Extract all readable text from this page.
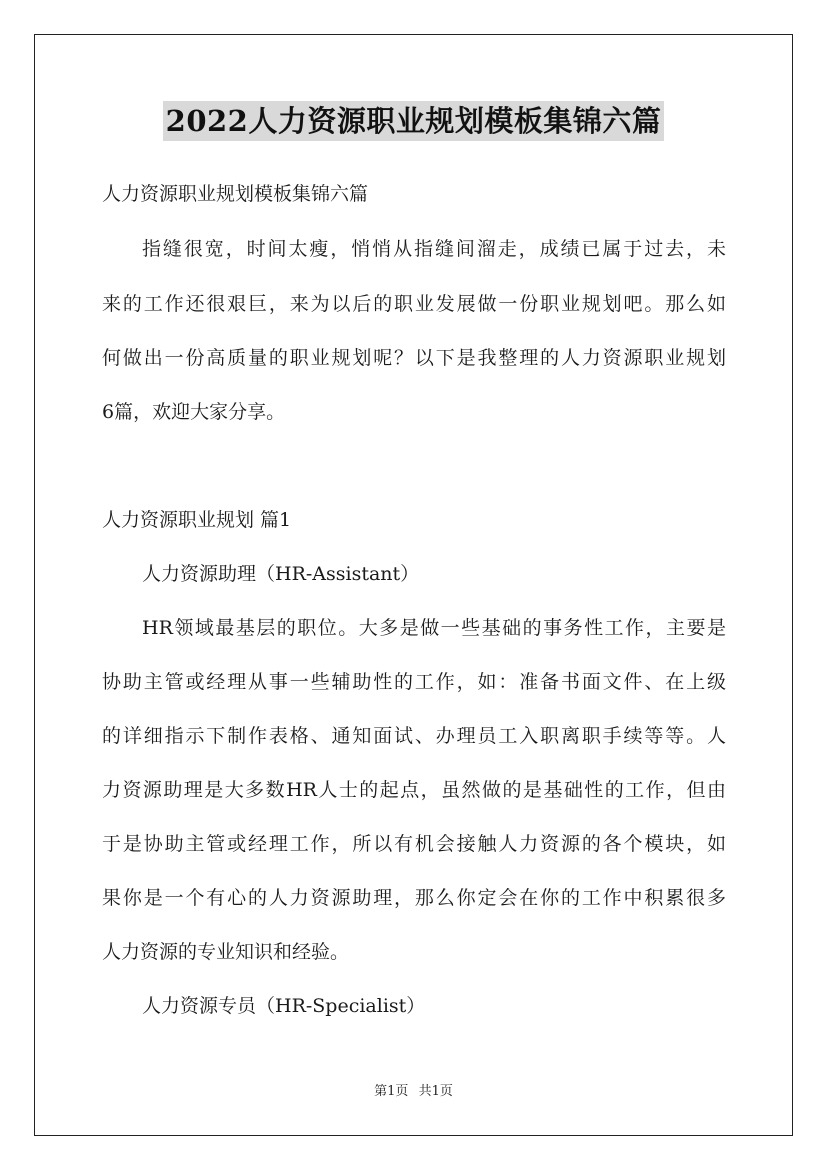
2022人力资源职业规划模板集锦六篇
人力资源职业规划模板集锦六篇
指缝很宽，时间太瘦，悄悄从指缝间溜走，成绩已属于过去，未
来的工作还很艰巨，来为以后的职业发展做一份职业规划吧。那么如
何做出一份高质量的职业规划呢？以下是我整理的人力资源职业规划
6篇，欢迎大家分享。
人力资源职业规划 篇1
人力资源助理（HR-Assistant）
HR领域最基层的职位。大多是做一些基础的事务性工作，主要是
协助主管或经理从事一些辅助性的工作，如：准备书面文件、在上级
的详细指示下制作表格、通知面试、办理员工入职离职手续等等。人
力资源助理是大多数HR人士的起点，虽然做的是基础性的工作，但由
于是协助主管或经理工作，所以有机会接触人力资源的各个模块，如
果你是一个有心的人力资源助理，那么你定会在你的工作中积累很多
人力资源的专业知识和经验。
人力资源专员（HR-Specialist）
第1页 共1页
